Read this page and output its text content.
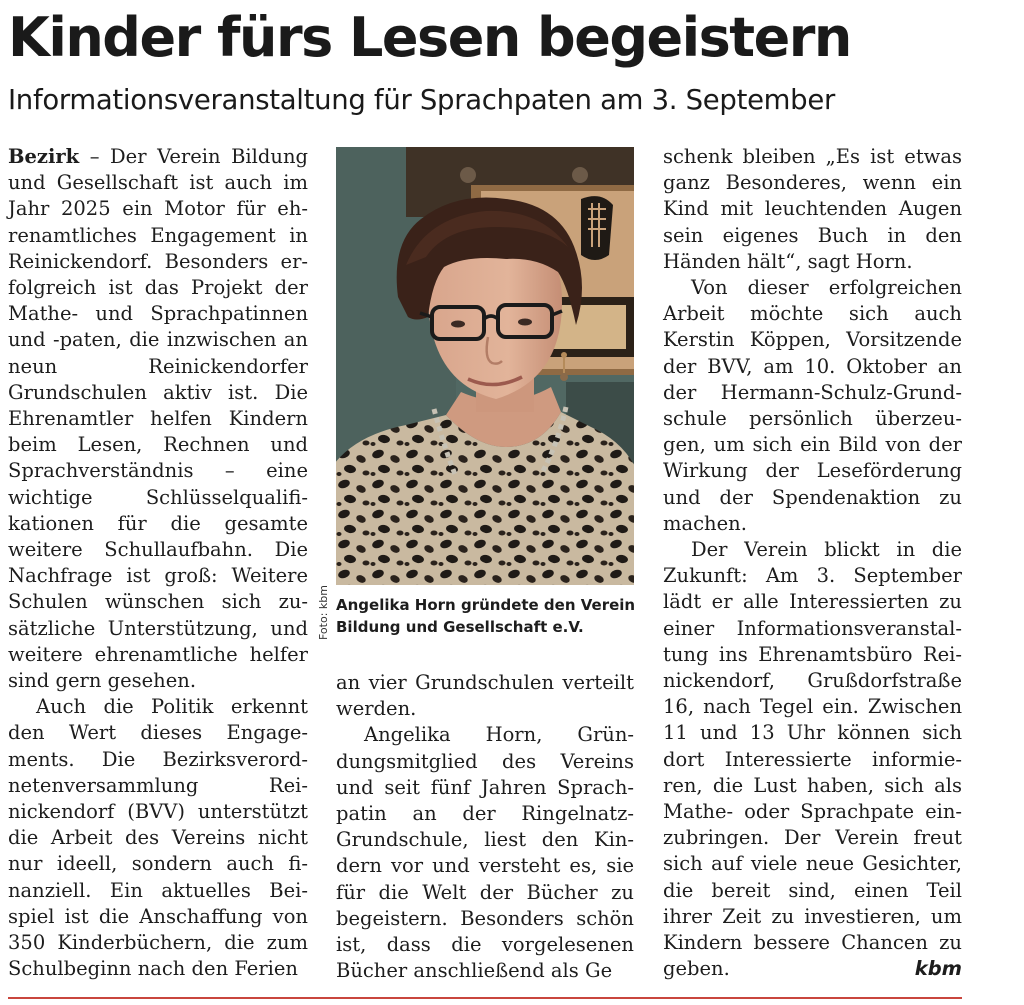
Kinder fürs Lesen begeistern
Informationsveranstaltung für Sprachpaten am 3. September

Bezirk – Der Verein Bildung und Gesellschaft ist auch im Jahr 2025 ein Motor für ehrenamtliches Engagement in Reinickendorf. Besonders erfolgreich ist das Projekt der Mathe- und Sprachpatinnen und -paten, die inzwischen an neun Reinickendorfer Grundschulen aktiv ist. Die Ehrenamtler helfen Kindern beim Lesen, Rechnen und Sprachverständnis – eine wichtige Schlüsselqualifikationen für die gesamte weitere Schullaufbahn. Die Nachfrage ist groß: Weitere Schulen wünschen sich zusätzliche Unterstützung, und weitere ehrenamtliche helfer sind gern gesehen.

Auch die Politik erkennt den Wert dieses Engagements. Die Bezirksverordnetenversammlung Reinickendorf (BVV) unterstützt die Arbeit des Vereins nicht nur ideell, sondern auch finanziell. Ein aktuelles Beispiel ist die Anschaffung von 350 Kinderbüchern, die zum Schulbeginn nach den Ferien

Foto: kbm Angelika Horn gründete den Verein Bildung und Gesellschaft e.V.

an vier Grundschulen verteilt werden.

Angelika Horn, Gründungsmitglied des Vereins und seit fünf Jahren Sprachpatin an der Ringelnatz-Grundschule, liest den Kindern vor und versteht es, sie für die Welt der Bücher zu begeistern. Besonders schön ist, dass die vorgelesenen Bücher anschließend als Ge

schenk bleiben „Es ist etwas ganz Besonderes, wenn ein Kind mit leuchtenden Augen sein eigenes Buch in den Händen hält“, sagt Horn.

Von dieser erfolgreichen Arbeit möchte sich auch Kerstin Köppen, Vorsitzende der BVV, am 10. Oktober an der Hermann-Schulz-Grundschule persönlich überzeugen, um sich ein Bild von der Wirkung der Leseförderung und der Spendenaktion zu machen.

Der Verein blickt in die Zukunft: Am 3. September lädt er alle Interessierten zu einer Informationsveranstaltung ins Ehrenamtsbüro Reinickendorf, Grußdorfstraße 16, nach Tegel ein. Zwischen 11 und 13 Uhr können sich dort Interessierte informieren, die Lust haben, sich als Mathe- oder Sprachpate einzubringen. Der Verein freut sich auf viele neue Gesichter, die bereit sind, einen Teil ihrer Zeit zu investieren, um Kindern bessere Chancen zu geben.	kbm
